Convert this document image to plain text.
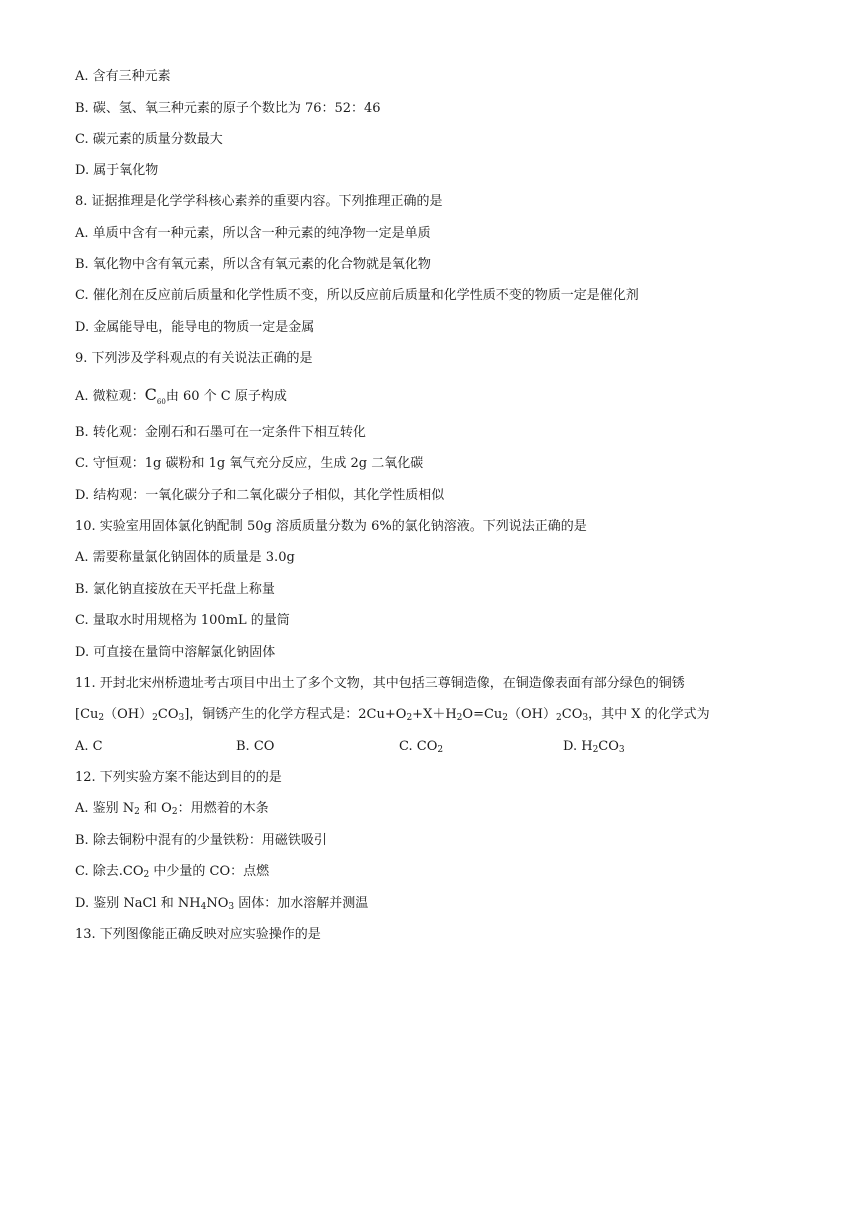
A. 含有三种元素
B. 碳、氢、氧三种元素的原子个数比为 76：52：46
C. 碳元素的质量分数最大
D. 属于氧化物
8. 证据推理是化学学科核心素养的重要内容。下列推理正确的是
A. 单质中含有一种元素，所以含一种元素的纯净物一定是单质
B. 氧化物中含有氧元素，所以含有氧元素的化合物就是氧化物
C. 催化剂在反应前后质量和化学性质不变，所以反应前后质量和化学性质不变的物质一定是催化剂
D. 金属能导电，能导电的物质一定是金属
9. 下列涉及学科观点的有关说法正确的是
A. 微粒观：$C_{60}$由 60 个 C 原子构成
B. 转化观：金刚石和石墨可在一定条件下相互转化
C. 守恒观：1g 碳粉和 1g 氧气充分反应，生成 2g 二氧化碳
D. 结构观：一氧化碳分子和二氧化碳分子相似，其化学性质相似
10. 实验室用固体氯化钠配制 50g 溶质质量分数为 6%的氯化钠溶液。下列说法正确的是
A. 需要称量氯化钠固体的质量是 3.0g
B. 氯化钠直接放在天平托盘上称量
C. 量取水时用规格为 100mL 的量筒
D. 可直接在量筒中溶解氯化钠固体
11. 开封北宋州桥遗址考古项目中出土了多个文物，其中包括三尊铜造像，在铜造像表面有部分绿色的铜锈
$[Cu_2(OH)_2CO_3]$，铜锈产生的化学方程式是：$2Cu+O_2+X+H_2O=Cu_2(OH)_2CO_3$，其中 X 的化学式为
A. C	B. CO	C. $CO_2$	D. $H_2CO_3$
12. 下列实验方案不能达到目的的是
A. 鉴别 $N_2$ 和 $O_2$：用燃着的木条
B. 除去铜粉中混有的少量铁粉：用磁铁吸引
C. 除去$.CO_2$ 中少量的 CO：点燃
D. 鉴别 NaCl 和 $NH_4NO_3$ 固体：加水溶解并测温
13. 下列图像能正确反映对应实验操作的是
